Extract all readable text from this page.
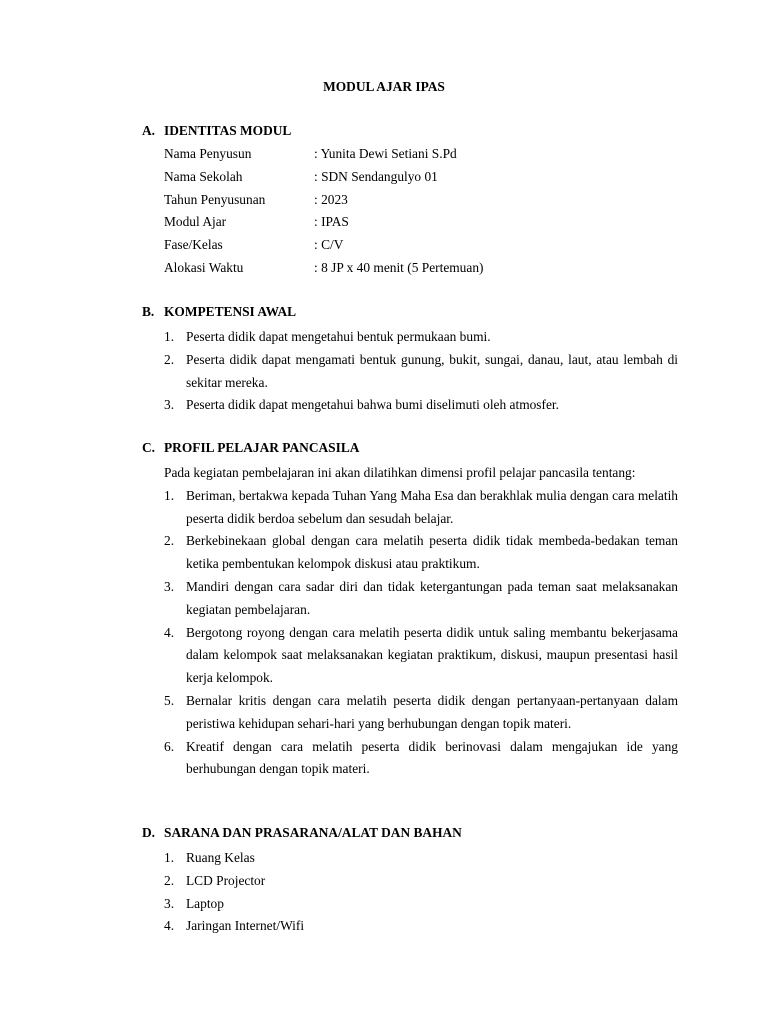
MODUL AJAR IPAS
A. IDENTITAS MODUL
Nama Penyusun	: Yunita Dewi Setiani S.Pd
Nama Sekolah	: SDN Sendangulyo 01
Tahun Penyusunan	: 2023
Modul Ajar	: IPAS
Fase/Kelas	: C/V
Alokasi Waktu	: 8 JP x 40 menit (5 Pertemuan)
B. KOMPETENSI AWAL
1. Peserta didik dapat mengetahui bentuk permukaan bumi.
2. Peserta didik dapat mengamati bentuk gunung, bukit, sungai, danau, laut, atau lembah di sekitar mereka.
3. Peserta didik dapat mengetahui bahwa bumi diselimuti oleh atmosfer.
C. PROFIL PELAJAR PANCASILA
Pada kegiatan pembelajaran ini akan dilatihkan dimensi profil pelajar pancasila tentang:
1. Beriman, bertakwa kepada Tuhan Yang Maha Esa dan berakhlak mulia dengan cara melatih peserta didik berdoa sebelum dan sesudah belajar.
2. Berkebinekaan global dengan cara melatih peserta didik tidak membeda-bedakan teman ketika pembentukan kelompok diskusi atau praktikum.
3. Mandiri dengan cara sadar diri dan tidak ketergantungan pada teman saat melaksanakan kegiatan pembelajaran.
4. Bergotong royong dengan cara melatih peserta didik untuk saling membantu bekerjasama dalam kelompok saat melaksanakan kegiatan praktikum, diskusi, maupun presentasi hasil kerja kelompok.
5. Bernalar kritis dengan cara melatih peserta didik dengan pertanyaan-pertanyaan dalam peristiwa kehidupan sehari-hari yang berhubungan dengan topik materi.
6. Kreatif dengan cara melatih peserta didik berinovasi dalam mengajukan ide yang berhubungan dengan topik materi.
D. SARANA DAN PRASARANA/ALAT DAN BAHAN
1. Ruang Kelas
2. LCD Projector
3. Laptop
4. Jaringan Internet/Wifi
